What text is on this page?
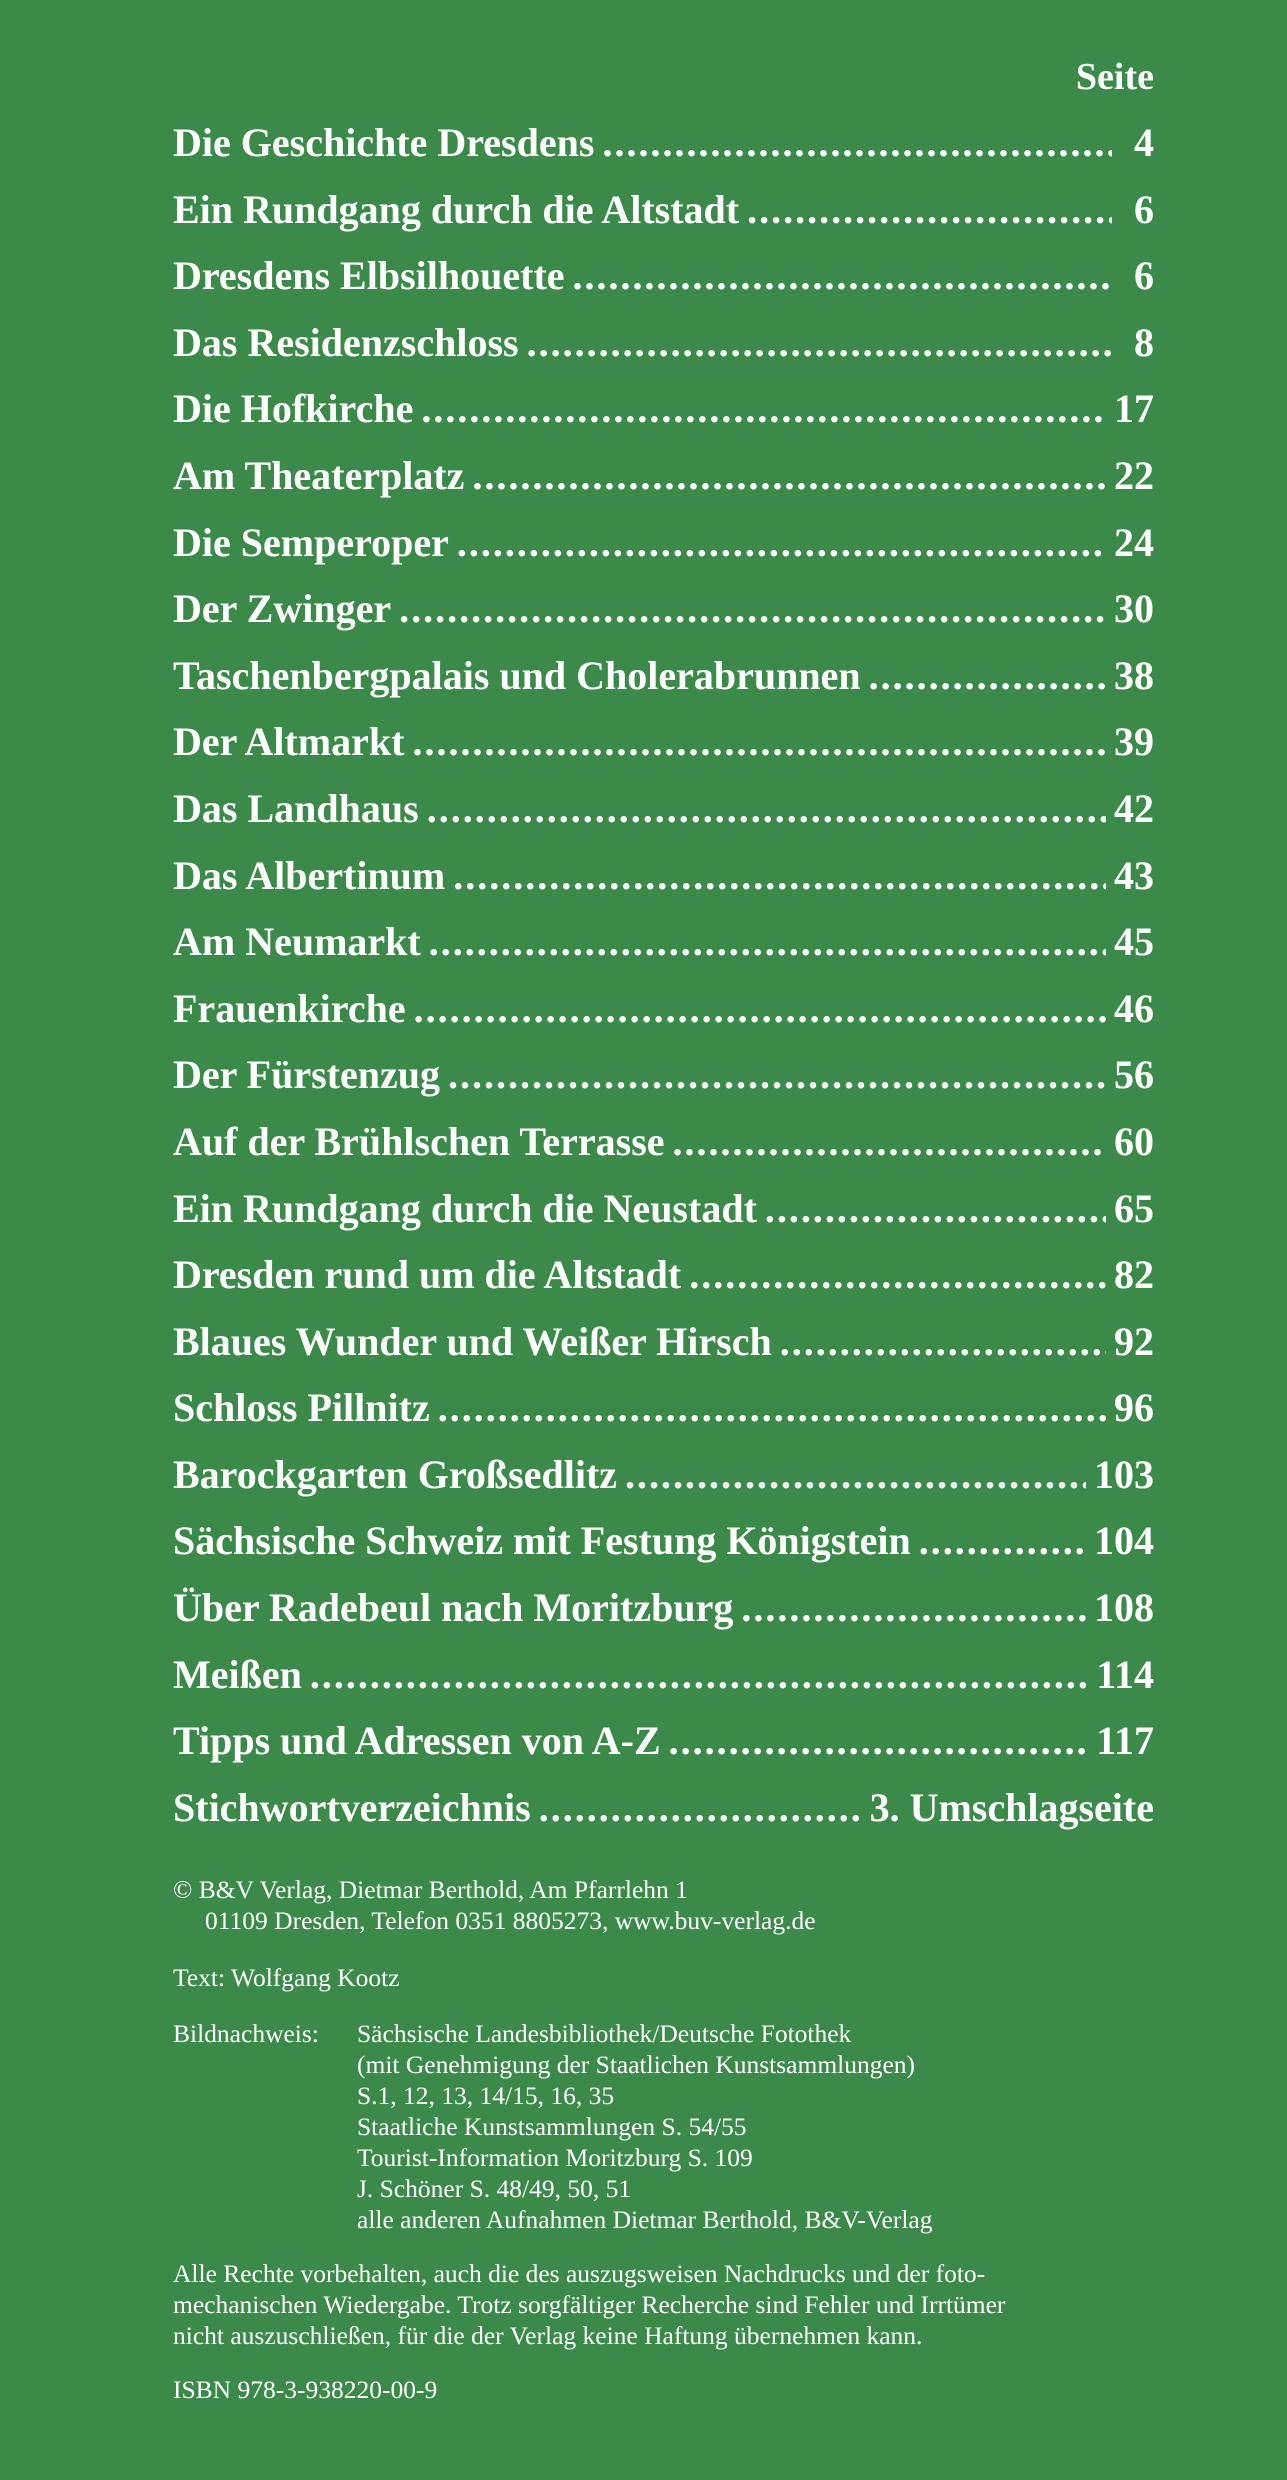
Seite
Die Geschichte Dresdens .....	4
Ein Rundgang durch die Altstadt .....	6
Dresdens Elbsilhouette .....	6
Das Residenzschloss .....	8
Die Hofkirche .....	17
Am Theaterplatz .....	22
Die Semperoper .....	24
Der Zwinger .....	30
Taschenbergpalais und Cholerabrunnen .....	38
Der Altmarkt .....	39
Das Landhaus .....	42
Das Albertinum .....	43
Am Neumarkt .....	45
Frauenkirche .....	46
Der Fürstenzug .....	56
Auf der Brühlschen Terrasse .....	60
Ein Rundgang durch die Neustadt .....	65
Dresden rund um die Altstadt .....	82
Blaues Wunder und Weißer Hirsch .....	92
Schloss Pillnitz .....	96
Barockgarten Großsedlitz .....	103
Sächsische Schweiz mit Festung Königstein .....	104
Über Radebeul nach Moritzburg .....	108
Meißen .....	114
Tipps und Adressen von A-Z .....	117
Stichwortverzeichnis .....	3. Umschlagseite
© B&V Verlag, Dietmar Berthold, Am Pfarrlehn 1
01109 Dresden, Telefon 0351 8805273, www.buv-verlag.de
Text: Wolfgang Kootz
Bildnachweis:	Sächsische Landesbibliothek/Deutsche Fotothek
(mit Genehmigung der Staatlichen Kunstsammlungen)
S.1, 12, 13, 14/15, 16, 35
Staatliche Kunstsammlungen S. 54/55
Tourist-Information Moritzburg S. 109
J. Schöner S. 48/49, 50, 51
alle anderen Aufnahmen Dietmar Berthold, B&V-Verlag
Alle Rechte vorbehalten, auch die des auszugsweisen Nachdrucks und der foto-
mechanischen Wiedergabe. Trotz sorgfältiger Recherche sind Fehler und Irrtümer
nicht auszuschließen, für die der Verlag keine Haftung übernehmen kann.
ISBN 978-3-938220-00-9
